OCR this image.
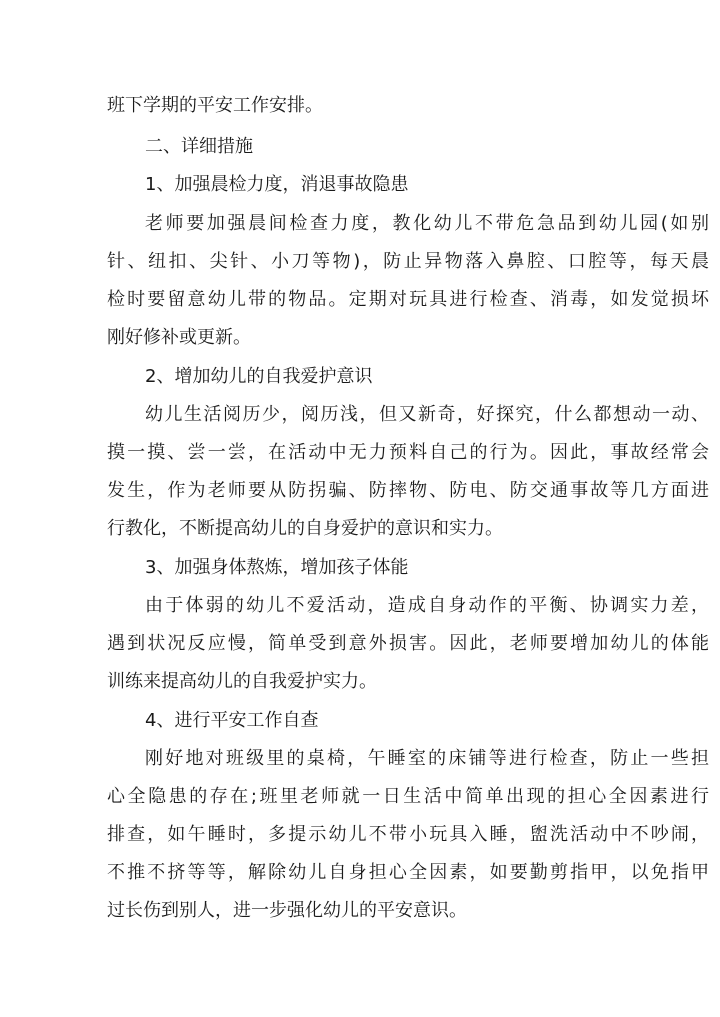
班下学期的平安工作安排。
二、详细措施
1、加强晨检力度，消退事故隐患
老师要加强晨间检查力度，教化幼儿不带危急品到幼儿园(如别
针、纽扣、尖针、小刀等物)，防止异物落入鼻腔、口腔等，每天晨
检时要留意幼儿带的物品。定期对玩具进行检查、消毒，如发觉损坏
刚好修补或更新。
2、增加幼儿的自我爱护意识
幼儿生活阅历少，阅历浅，但又新奇，好探究，什么都想动一动、
摸一摸、尝一尝，在活动中无力预料自己的行为。因此，事故经常会
发生，作为老师要从防拐骗、防摔物、防电、防交通事故等几方面进
行教化，不断提高幼儿的自身爱护的意识和实力。
3、加强身体熬炼，增加孩子体能
由于体弱的幼儿不爱活动，造成自身动作的平衡、协调实力差，
遇到状况反应慢，简单受到意外损害。因此，老师要增加幼儿的体能
训练来提高幼儿的自我爱护实力。
4、进行平安工作自查
刚好地对班级里的桌椅，午睡室的床铺等进行检查，防止一些担
心全隐患的存在;班里老师就一日生活中简单出现的担心全因素进行
排查，如午睡时，多提示幼儿不带小玩具入睡，盥洗活动中不吵闹，
不推不挤等等，解除幼儿自身担心全因素，如要勤剪指甲，以免指甲
过长伤到别人，进一步强化幼儿的平安意识。
